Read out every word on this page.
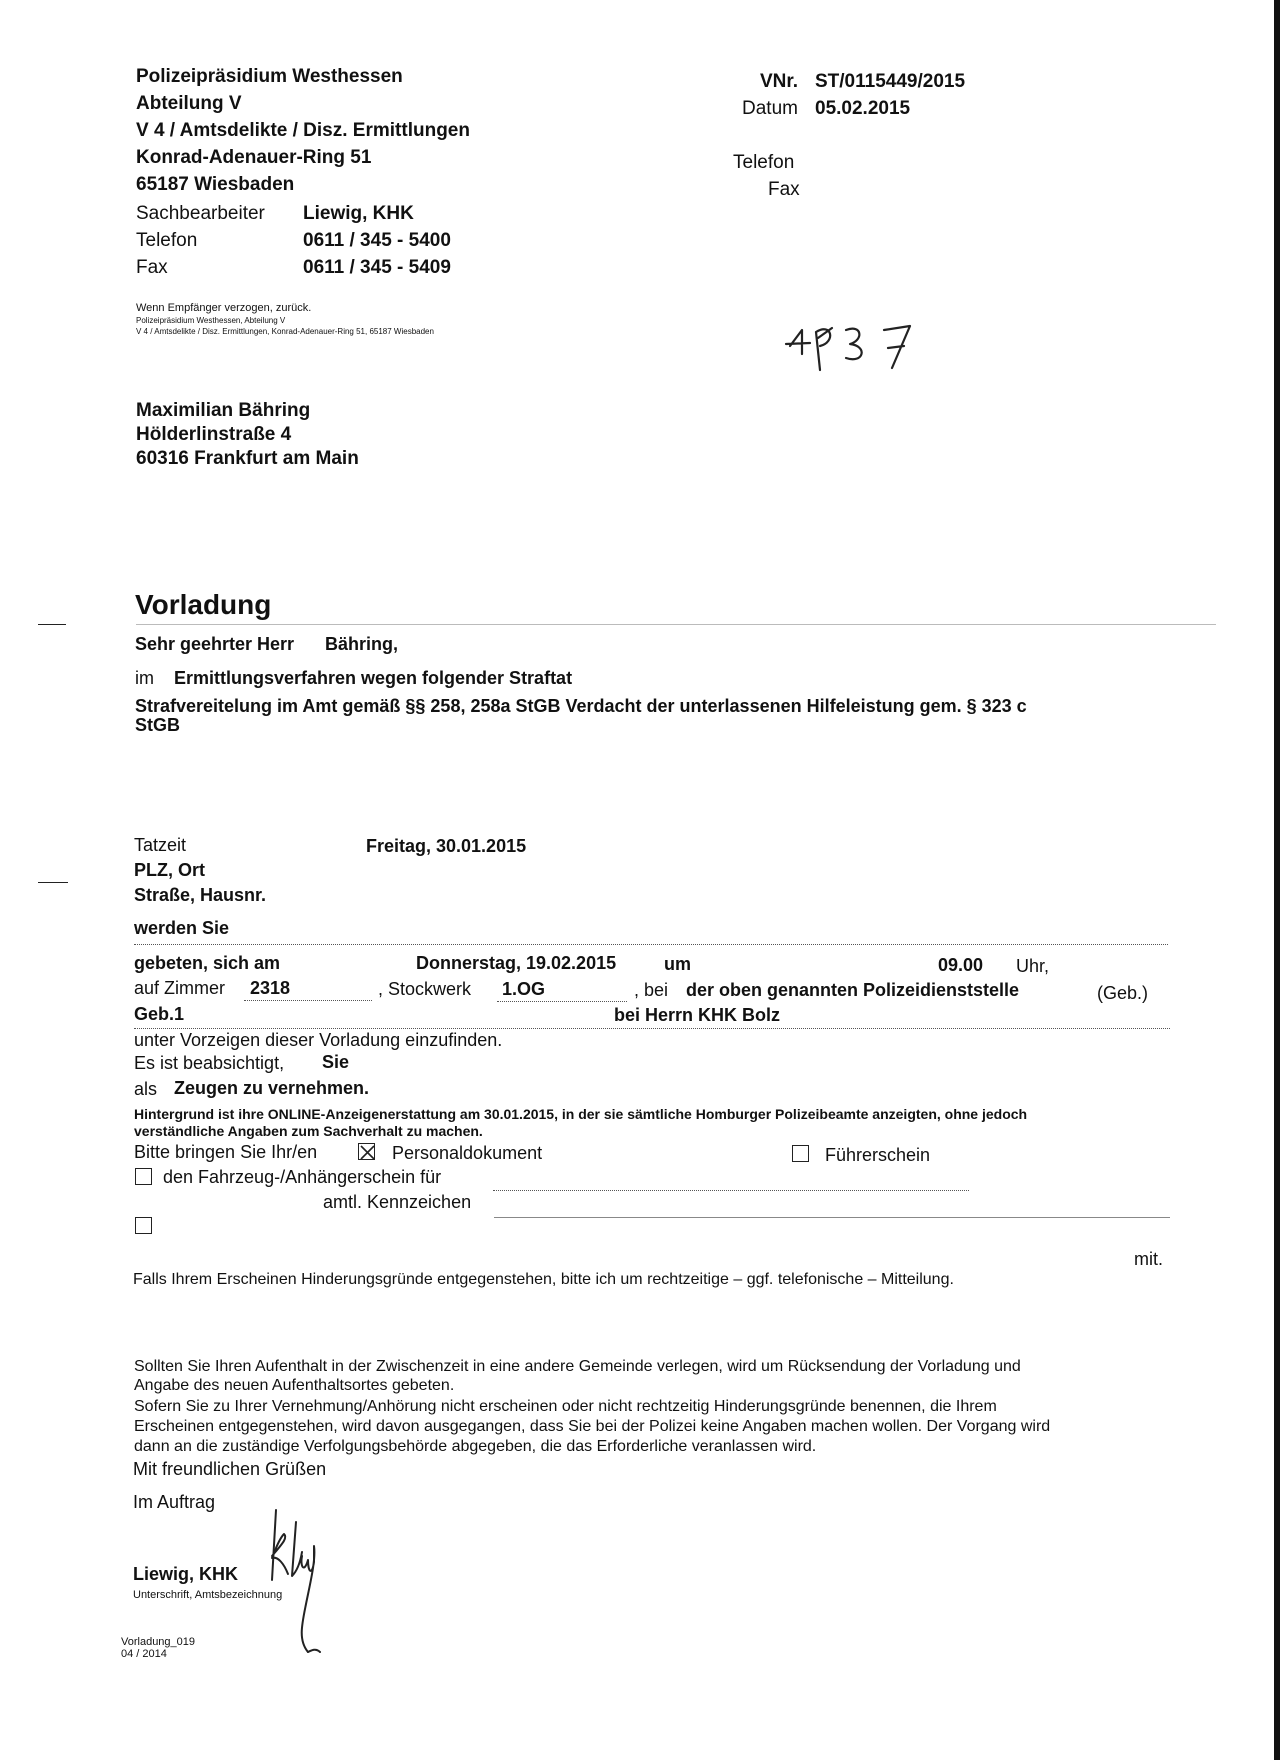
Polizeipräsidium Westhessen
Abteilung V
V 4 / Amtsdelikte / Disz. Ermittlungen
Konrad-Adenauer-Ring 51
65187 Wiesbaden
Sachbearbeiter Liewig, KHK
Telefon	0611 / 345 - 5400
Fax	0611 / 345 - 5409
VNr. ST/0115449/2015
Datum 05.02.2015
Telefon
Fax
Wenn Empfänger verzogen, zurück.
Polizeipräsidium Westhessen, Abteilung V
V 4 / Amtsdelikte / Disz. Ermittlungen, Konrad-Adenauer-Ring 51, 65187 Wiesbaden
Maximilian Bähring
Hölderlinstraße 4
60316 Frankfurt am Main
Vorladung
Sehr geehrter Herr Bähring,
im Ermittlungsverfahren wegen folgender Straftat
Strafvereitelung im Amt gemäß §§ 258, 258a StGB Verdacht der unterlassenen Hilfeleistung gem. § 323 c
StGB
Tatzeit	Freitag, 30.01.2015
PLZ, Ort
Straße, Hausnr.
werden Sie
gebeten, sich am	Donnerstag, 19.02.2015	um	09.00 Uhr,
auf Zimmer 2318	, Stockwerk 1.OG	, bei der oben genannten Polizeidienststelle	(Geb.)
Geb.1	bei Herrn KHK Bolz
unter Vorzeigen dieser Vorladung einzufinden.
Es ist beabsichtigt, Sie
als Zeugen zu vernehmen.
Hintergrund ist ihre ONLINE-Anzeigenerstattung am 30.01.2015, in der sie sämtliche Homburger Polizeibeamte anzeigten, ohne jedoch
verständliche Angaben zum Sachverhalt zu machen.
Bitte bringen Sie Ihr/en	Personaldokument	Führerschein
den Fahrzeug-/Anhängerschein für
amtl. Kennzeichen
mit.
Falls Ihrem Erscheinen Hinderungsgründe entgegenstehen, bitte ich um rechtzeitige – ggf. telefonische – Mitteilung.
Sollten Sie Ihren Aufenthalt in der Zwischenzeit in eine andere Gemeinde verlegen, wird um Rücksendung der Vorladung und
Angabe des neuen Aufenthaltsortes gebeten.
Sofern Sie zu Ihrer Vernehmung/Anhörung nicht erscheinen oder nicht rechtzeitig Hinderungsgründe benennen, die Ihrem
Erscheinen entgegenstehen, wird davon ausgegangen, dass Sie bei der Polizei keine Angaben machen wollen. Der Vorgang wird
dann an die zuständige Verfolgungsbehörde abgegeben, die das Erforderliche veranlassen wird.
Mit freundlichen Grüßen
Im Auftrag
Liewig, KHK
Unterschrift, Amtsbezeichnung
Vorladung_019
04 / 2014
